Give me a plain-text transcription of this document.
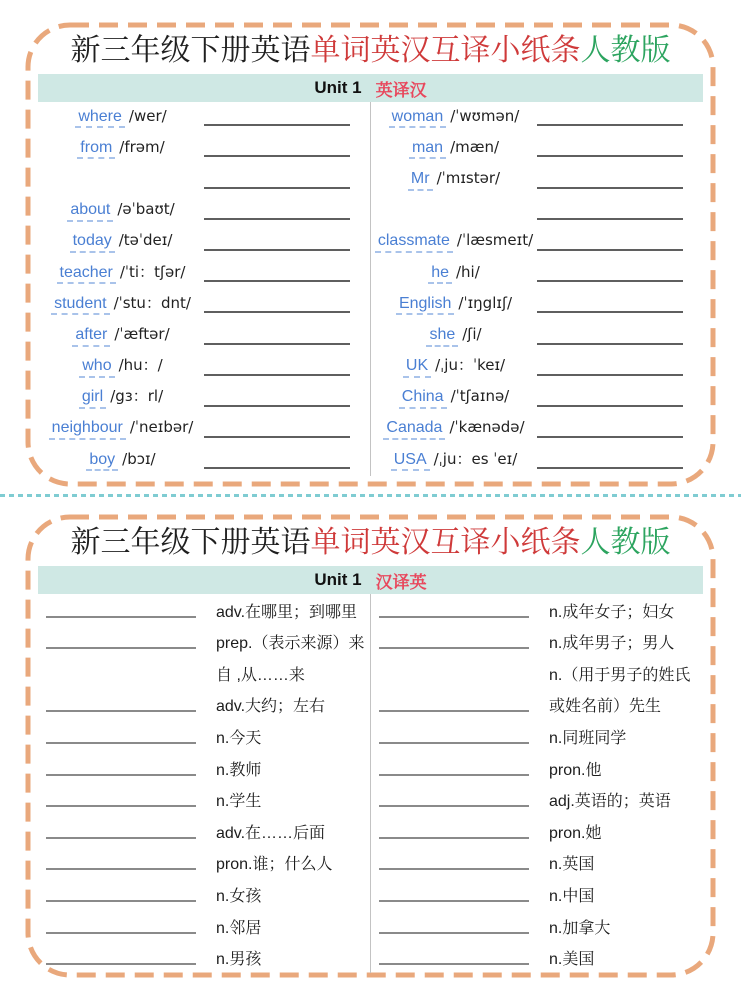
新三年级下册英语单词英汉互译小纸条人教版
Unit 1 英译汉
where /wer/
from /frəm/
about /əˈbaʊt/
today /təˈdeɪ/
teacher /ˈti：tʃər/
student /ˈstu：dnt/
after /ˈæftər/
who /hu：/
girl /gɜ：rl/
neighbour /ˈneɪbər/
boy /bɔɪ/
woman /ˈwʊmən/
man /mæn/
Mr /ˈmɪstər/
classmate /ˈlæsmeɪt/
he /hi/
English /ˈɪŋglɪʃ/
she /ʃi/
UK /ˌju：ˈkeɪ/
China /ˈtʃaɪnə/
Canada /ˈkænədə/
USA /ˌju：es ˈeɪ/
新三年级下册英语单词英汉互译小纸条人教版
Unit 1 汉译英
adv.在哪里；到哪里
prep.（表示来源）来
自 ,从……来
adv.大约；左右
n.今天
n.教师
n.学生
adv.在……后面
pron.谁；什么人
n.女孩
n.邻居
n.男孩
n.成年女子；妇女
n.成年男子；男人
n.（用于男子的姓氏
或姓名前）先生
n.同班同学
pron.他
adj.英语的；英语
pron.她
n.英国
n.中国
n.加拿大
n.美国
